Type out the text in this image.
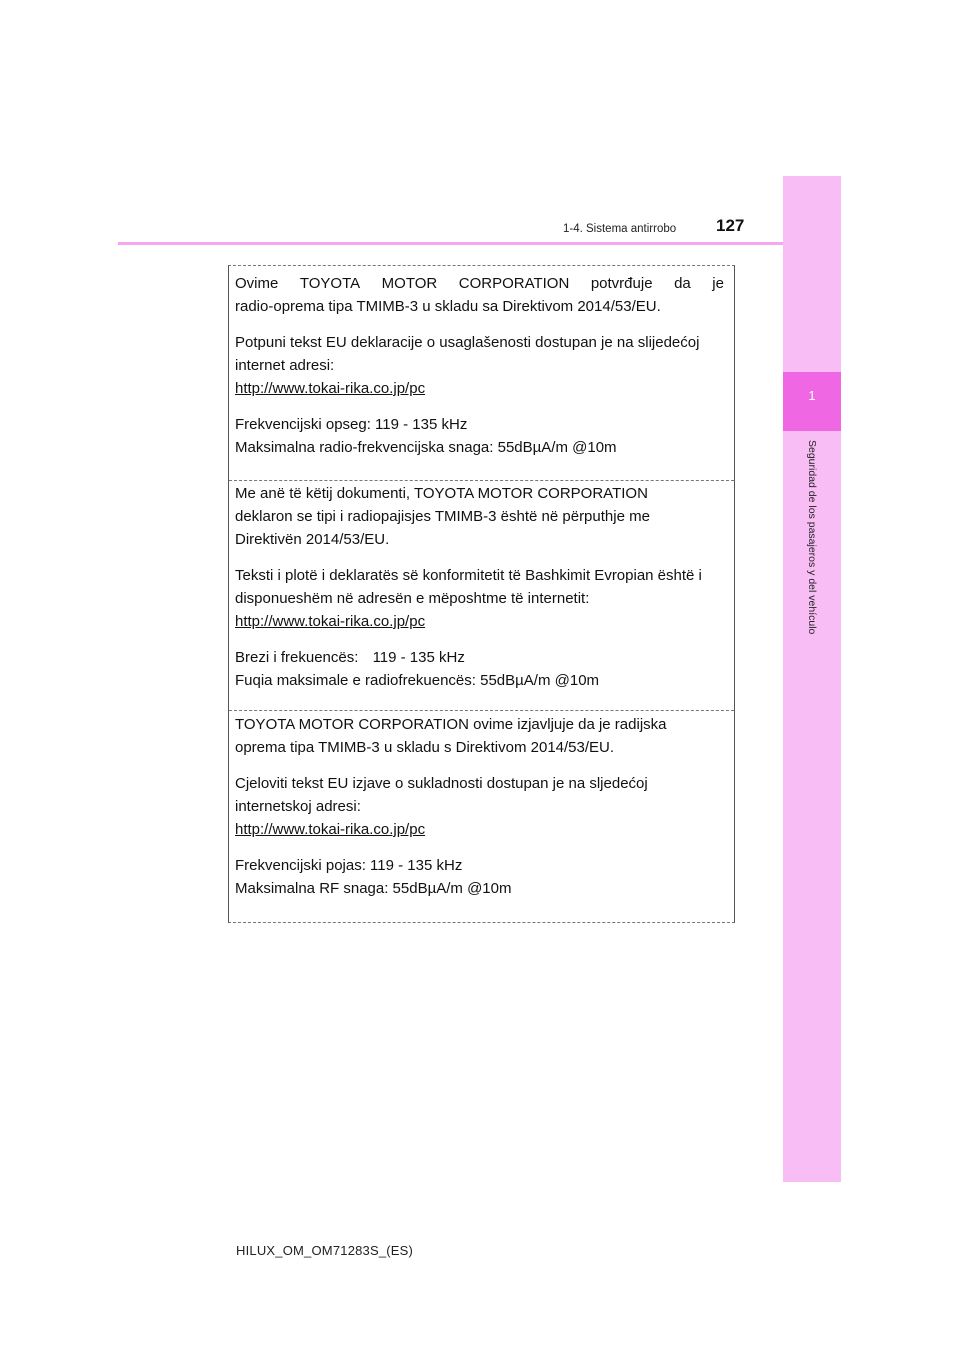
1
Seguridad de los pasajeros y del vehículo
1-4. Sistema antirrobo 127

Ovime TOYOTA MOTOR CORPORATION potvrđuje da je

radio-oprema tipa TMIMB-3 u skladu sa Direktivom 2014/53/EU.

Potpuni tekst EU deklaracije o usaglašenosti dostupan je na slijedećoj

internet adresi:

http://www.tokai-rika.co.jp/pc

Frekvencijski opseg: 119 - 135 kHz

Maksimalna radio-frekvencijska snaga: 55dBµA/m @10m

Me anë të këtij dokumenti, TOYOTA MOTOR CORPORATION

deklaron se tipi i radiopajisjes TMIMB-3 është në përputhje me

Direktivën 2014/53/EU.

Teksti i plotë i deklaratës së konformitetit të Bashkimit Evropian është i

disponueshëm në adresën e mëposhtme të internetit:

http://www.tokai-rika.co.jp/pc

Brezi i frekuencës: 119 - 135 kHz

Fuqia maksimale e radiofrekuencës: 55dBµA/m @10m

TOYOTA MOTOR CORPORATION ovime izjavljuje da je radijska

oprema tipa TMIMB-3 u skladu s Direktivom 2014/53/EU.

Cjeloviti tekst EU izjave o sukladnosti dostupan je na sljedećoj

internetskoj adresi:

http://www.tokai-rika.co.jp/pc

Frekvencijski pojas: 119 - 135 kHz

Maksimalna RF snaga: 55dBµA/m @10m

HILUX_OM_OM71283S_(ES)
